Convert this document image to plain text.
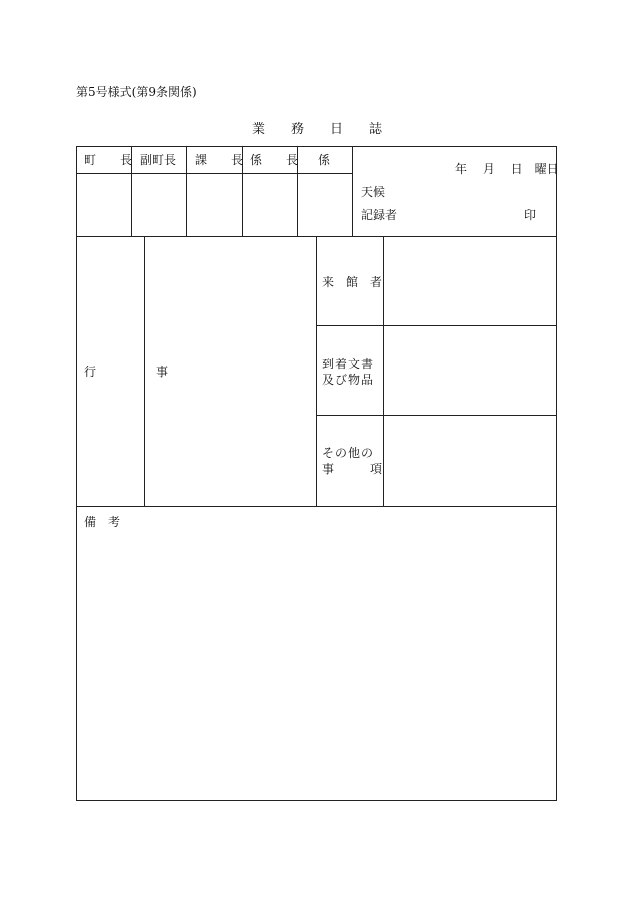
第5号様式(第9条関係)
業　　務　　日　　誌
町　　長 副町長 課　　長 係　　長 係
年　 月　 日　曜日
天候
記録者	印
行　　　　　事
来　館　者
到着文書
及び物品
その他の
事　　　項
備　考
